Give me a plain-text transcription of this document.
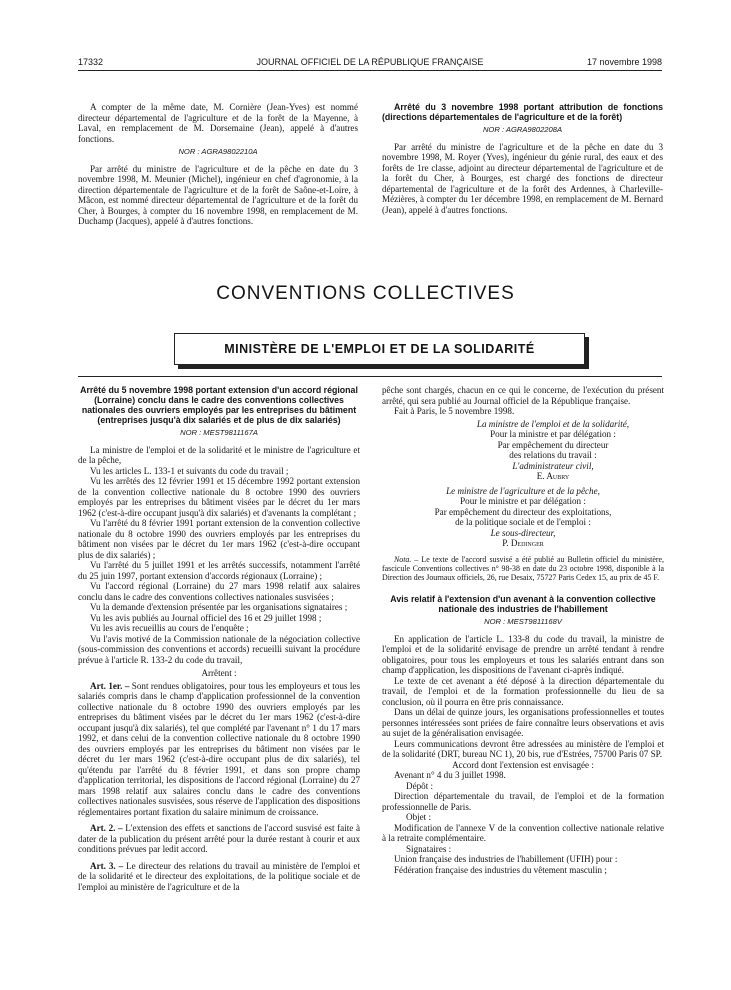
17332	JOURNAL OFFICIEL DE LA RÉPUBLIQUE FRANÇAISE	17 novembre 1998

A compter de la même date, M. Cornière (Jean-Yves) est nommé directeur départemental de l'agriculture et de la forêt de la Mayenne, à Laval, en remplacement de M. Dorsemaine (Jean), appelé à d'autres fonctions.

NOR : AGRA9802210A

Par arrêté du ministre de l'agriculture et de la pêche en date du 3 novembre 1998, M. Meunier (Michel), ingénieur en chef d'agronomie, à la direction départementale de l'agriculture et de la forêt de Saône-et-Loire, à Mâcon, est nommé directeur départemental de l'agriculture et de la forêt du Cher, à Bourges, à compter du 16 novembre 1998, en remplacement de M. Duchamp (Jacques), appelé à d'autres fonctions.

Arrêté du 3 novembre 1998 portant attribution de fonctions (directions départementales de l'agriculture et de la forêt)

NOR : AGRA9802208A

Par arrêté du ministre de l'agriculture et de la pêche en date du 3 novembre 1998, M. Royer (Yves), ingénieur du génie rural, des eaux et des forêts de 1re classe, adjoint au directeur départemental de l'agriculture et de la forêt du Cher, à Bourges, est chargé des fonctions de directeur départemental de l'agriculture et de la forêt des Ardennes, à Charleville-Mézières, à compter du 1er décembre 1998, en remplacement de M. Bernard (Jean), appelé à d'autres fonctions.

CONVENTIONS COLLECTIVES
MINISTÈRE DE L'EMPLOI ET DE LA SOLIDARITÉ

Arrêté du 5 novembre 1998 portant extension d'un accord régional (Lorraine) conclu dans le cadre des conventions collectives nationales des ouvriers employés par les entreprises du bâtiment (entreprises jusqu'à dix salariés et de plus de dix salariés)

NOR : MEST9811167A

La ministre de l'emploi et de la solidarité et le ministre de l'agriculture et de la pêche,

Vu les articles L. 133-1 et suivants du code du travail ;

Vu les arrêtés des 12 février 1991 et 15 décembre 1992 portant extension de la convention collective nationale du 8 octobre 1990 des ouvriers employés par les entreprises du bâtiment visées par le décret du 1er mars 1962 (c'est-à-dire occupant jusqu'à dix salariés) et d'avenants la complétant ;

Vu l'arrêté du 8 février 1991 portant extension de la convention collective nationale du 8 octobre 1990 des ouvriers employés par les entreprises du bâtiment non visées par le décret du 1er mars 1962 (c'est-à-dire occupant plus de dix salariés) ;

Vu l'arrêté du 5 juillet 1991 et les arrêtés successifs, notamment l'arrêté du 25 juin 1997, portant extension d'accords régionaux (Lorraine) ;

Vu l'accord régional (Lorraine) du 27 mars 1998 relatif aux salaires conclu dans le cadre des conventions collectives nationales susvisées ;

Vu la demande d'extension présentée par les organisations signataires ;

Vu les avis publiés au Journal officiel des 16 et 29 juillet 1998 ;

Vu les avis recueillis au cours de l'enquête ;

Vu l'avis motivé de la Commission nationale de la négociation collective (sous-commission des conventions et accords) recueilli suivant la procédure prévue à l'article R. 133-2 du code du travail,

Arrêtent :

Art. 1er. – Sont rendues obligatoires, pour tous les employeurs et tous les salariés compris dans le champ d'application professionnel de la convention collective nationale du 8 octobre 1990 des ouvriers employés par les entreprises du bâtiment visées par le décret du 1er mars 1962 (c'est-à-dire occupant jusqu'à dix salariés), tel que complété par l'avenant n° 1 du 17 mars 1992, et dans celui de la convention collective nationale du 8 octobre 1990 des ouvriers employés par les entreprises du bâtiment non visées par le décret du 1er mars 1962 (c'est-à-dire occupant plus de dix salariés), tel qu'étendu par l'arrêté du 8 février 1991, et dans son propre champ d'application territorial, les dispositions de l'accord régional (Lorraine) du 27 mars 1998 relatif aux salaires conclu dans le cadre des conventions collectives nationales susvisées, sous réserve de l'application des dispositions réglementaires portant fixation du salaire minimum de croissance.

Art. 2. – L'extension des effets et sanctions de l'accord susvisé est faite à dater de la publication du présent arrêté pour la durée restant à courir et aux conditions prévues par ledit accord.

Art. 3. – Le directeur des relations du travail au ministère de l'emploi et de la solidarité et le directeur des exploitations, de la politique sociale et de l'emploi au ministère de l'agriculture et de la

pêche sont chargés, chacun en ce qui le concerne, de l'exécution du présent arrêté, qui sera publié au Journal officiel de la République française.

Fait à Paris, le 5 novembre 1998.

La ministre de l'emploi et de la solidarité,
Pour la ministre et par délégation :
Par empêchement du directeur
des relations du travail :
L'administrateur civil,
E. Aubry
Le ministre de l'agriculture et de la pêche,
Pour le ministre et par délégation :
Par empêchement du directeur des exploitations,
de la politique sociale et de l'emploi :
Le sous-directeur,
P. Dedinger

Nota. – Le texte de l'accord susvisé a été publié au Bulletin officiel du ministère, fascicule Conventions collectives n° 98-38 en date du 23 octobre 1998, disponible à la Direction des Journaux officiels, 26, rue Desaix, 75727 Paris Cedex 15, au prix de 45 F.

Avis relatif à l'extension d'un avenant à la convention collective nationale des industries de l'habillement

NOR : MEST9811168V

En application de l'article L. 133-8 du code du travail, la ministre de l'emploi et de la solidarité envisage de prendre un arrêté tendant à rendre obligatoires, pour tous les employeurs et tous les salariés entrant dans son champ d'application, les dispositions de l'avenant ci-après indiqué.

Le texte de cet avenant a été déposé à la direction départementale du travail, de l'emploi et de la formation professionnelle du lieu de sa conclusion, où il pourra en être pris connaissance.

Dans un délai de quinze jours, les organisations professionnelles et toutes personnes intéressées sont priées de faire connaître leurs observations et avis au sujet de la généralisation envisagée.

Leurs communications devront être adressées au ministère de l'emploi et de la solidarité (DRT, bureau NC 1), 20 bis, rue d'Estrées, 75700 Paris 07 SP.

Accord dont l'extension est envisagée :

Avenant n° 4 du 3 juillet 1998.

Dépôt :

Direction départementale du travail, de l'emploi et de la formation professionnelle de Paris.

Objet :

Modification de l'annexe V de la convention collective nationale relative à la retraite complémentaire.

Signataires :

Union française des industries de l'habillement (UFIH) pour :

Fédération française des industries du vêtement masculin ;
